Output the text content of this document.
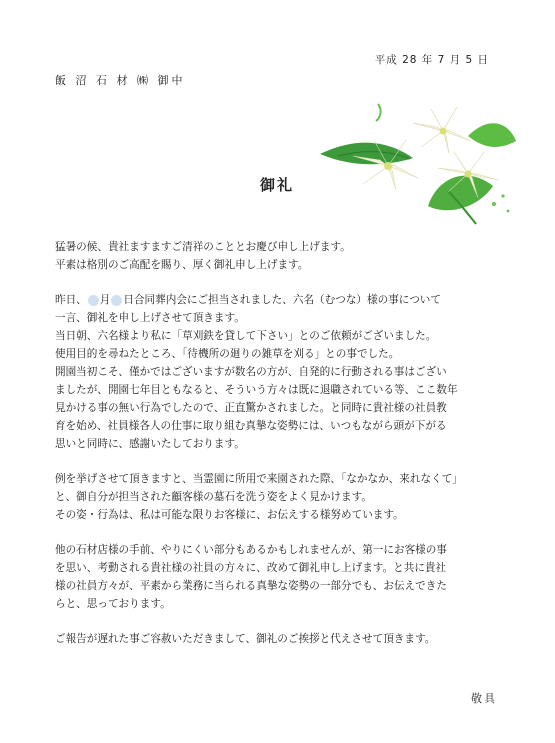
平成 28 年 7 月 5 日
飯 沼 石 材 ㈱ 御中
御礼
猛暑の候、貴社ますますご清祥のこととお慶び申し上げます。
平素は格別のご高配を賜り、厚く御礼申し上げます。
昨日、 月 日合同葬内会にご担当されました、六名（むつな）様の事について
一言、御礼を申し上げさせて頂きます。
当日朝、六名様より私に「草刈鉄を貸して下さい」とのご依頼がございました。
使用目的を尋ねたところ、「待機所の廻りの雑草を刈る」との事でした。
開園当初こそ、僅かではございますが数名の方が、自発的に行動される事はござい
ましたが、開園七年目ともなると、そういう方々は既に退職されている等、ここ数年
見かける事の無い行為でしたので、正直驚かされました。と同時に貴社様の社員教
育を始め、社員様各人の仕事に取り組む真摯な姿勢には、いつもながら頭が下がる
思いと同時に、感謝いたしております。
例を挙げさせて頂きますと、当霊園に所用で来園された際、「なかなか、来れなくて」
と、御自分が担当された顧客様の墓石を洗う姿をよく見かけます。
その姿・行為は、私は可能な限りお客様に、お伝えする様努めています。
他の石材店様の手前、やりにくい部分もあるかもしれませんが、第一にお客様の事
を思い、考動される貴社様の社員の方々に、改めて御礼申し上げます。と共に貴社
様の社員方々が、平素から業務に当られる真摯な姿勢の一部分でも、お伝えできた
らと、思っております。
ご報告が遅れた事ご容赦いただきまして、御礼のご挨拶と代えさせて頂きます。
敬具
